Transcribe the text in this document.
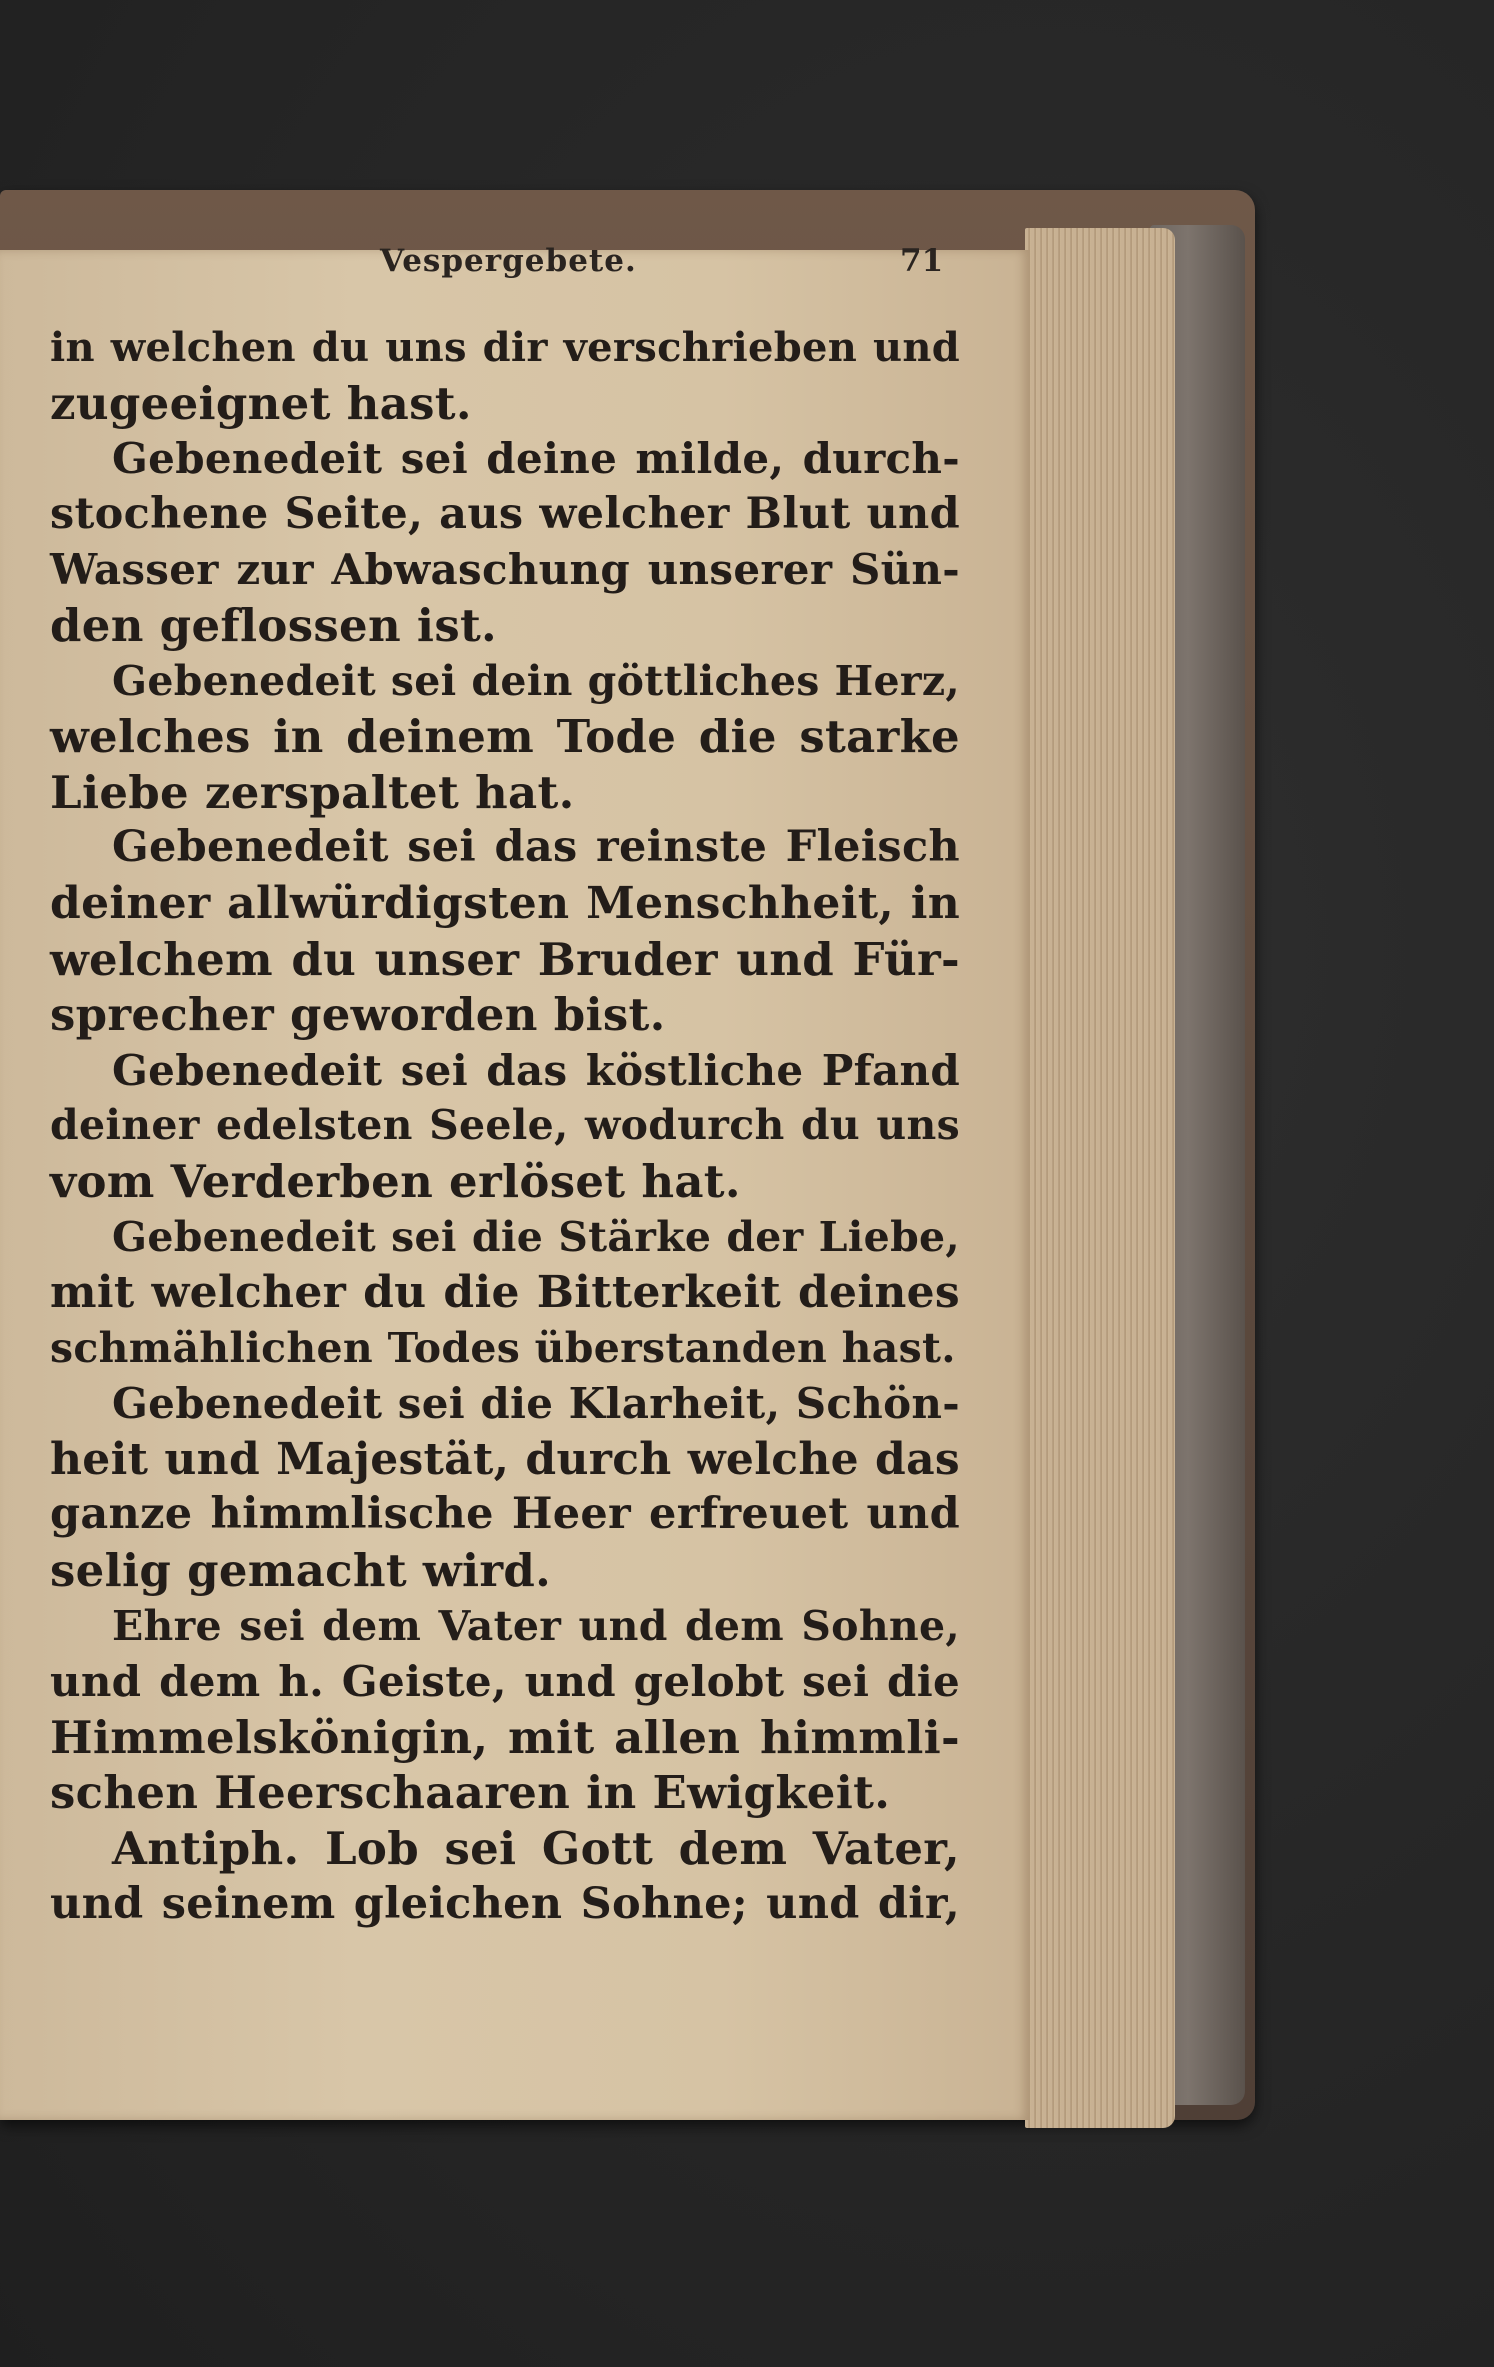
Vespergebete.	71
in welchen du uns dir verschrieben und
zugeeignet hast.
Gebenedeit sei deine milde, durch-
stochene Seite, aus welcher Blut und
Wasser zur Abwaschung unserer Sün-
den geflossen ist.
Gebenedeit sei dein göttliches Herz,
welches in deinem Tode die starke
Liebe zerspaltet hat.
Gebenedeit sei das reinste Fleisch
deiner allwürdigsten Menschheit, in
welchem du unser Bruder und Für-
sprecher geworden bist.
Gebenedeit sei das köstliche Pfand
deiner edelsten Seele, wodurch du uns
vom Verderben erlöset hat.
Gebenedeit sei die Stärke der Liebe,
mit welcher du die Bitterkeit deines
schmählichen Todes überstanden hast.
Gebenedeit sei die Klarheit, Schön-
heit und Majestät, durch welche das
ganze himmlische Heer erfreuet und
selig gemacht wird.
Ehre sei dem Vater und dem Sohne,
und dem h. Geiste, und gelobt sei die
Himmelskönigin, mit allen himmli-
schen Heerschaaren in Ewigkeit.
Antiph. Lob sei Gott dem Vater,
und seinem gleichen Sohne; und dir,
